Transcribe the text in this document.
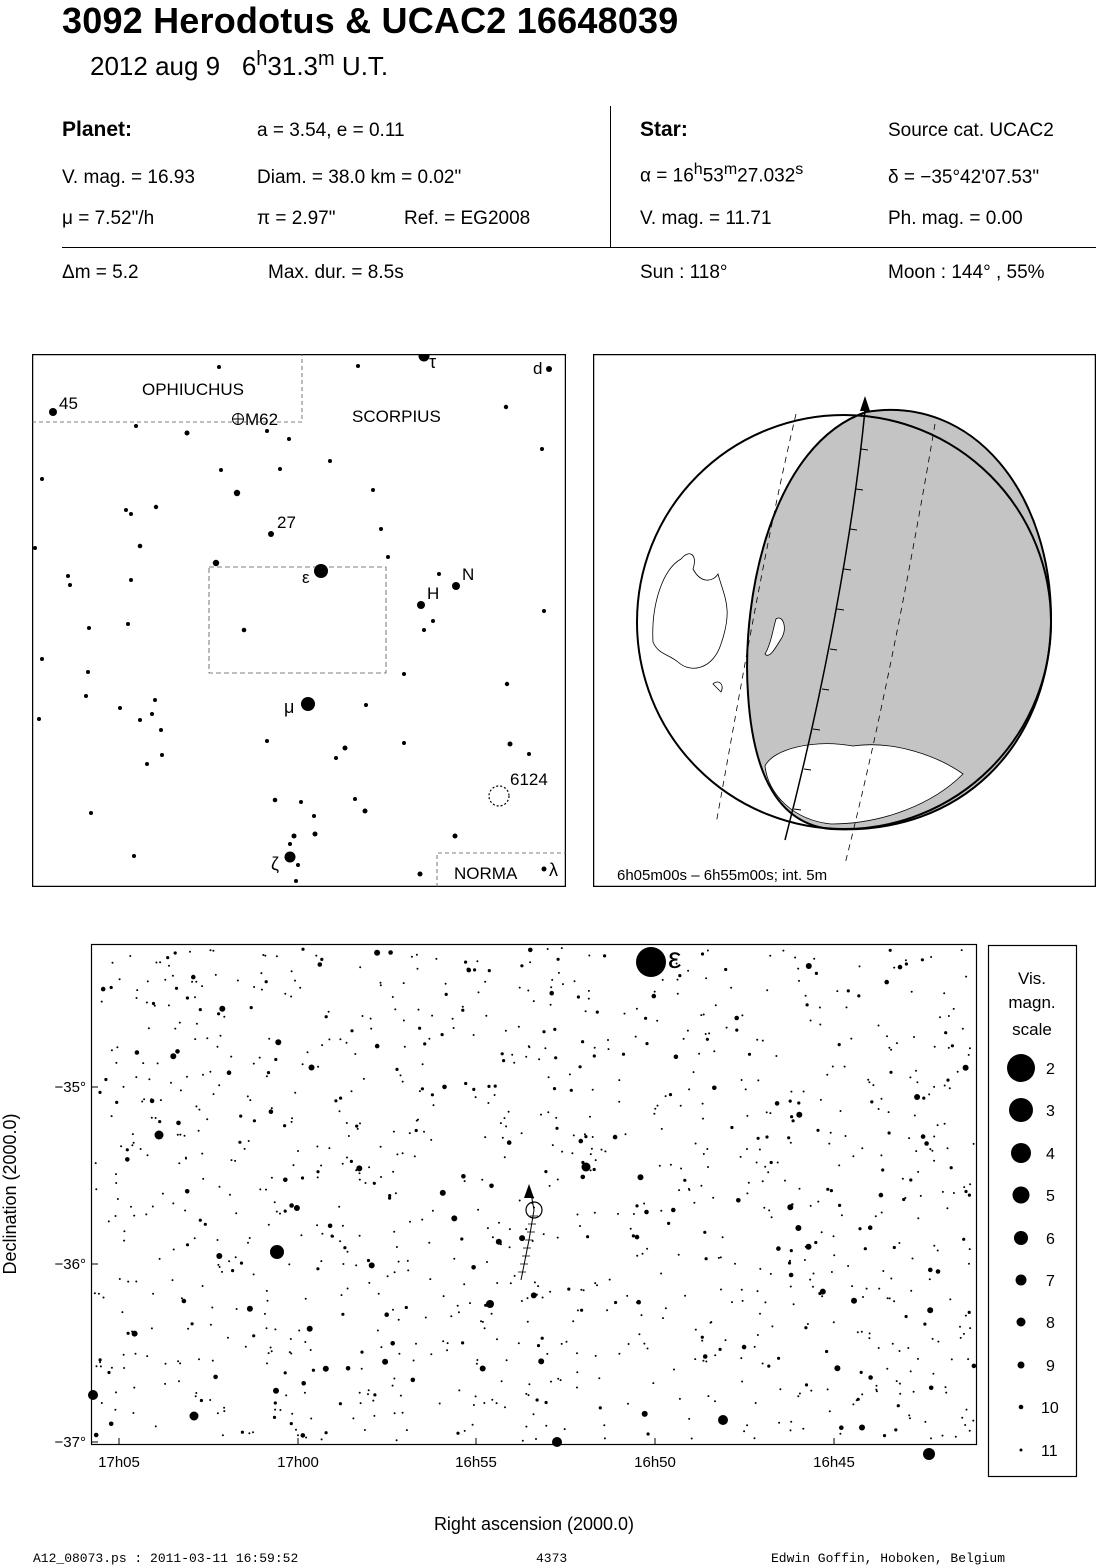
3092 Herodotus & UCAC2 16648039
2012 aug 9 6$^h$31.3$^m$ U.T.
Planet:	a = 3.54, e = 0.11
V. mag. = 16.93	Diam. = 38.0 km = 0.02"
μ = 7.52"/h	π = 2.97"	Ref. = EG2008
Star:	Source cat. UCAC2
$\alpha = 16^h53^m27.032^s$	δ = −35°42'07.53"
V. mag. = 11.71	Ph. mag. = 0.00
Δm = 5.2	Max. dur. = 8.5s	Sun : 118°	Moon : 144° , 55%
OPHIUCHUS
SCORPIUS
NORMA
τ	d
45
M62
27
ε
H
N
μ
6124
ζ	λ	6h05m00s – 6h55m00s; int. 5m
ε
−35°
−36°
−37°
17h05	17h00	16h55	16h50	16h45
Right ascension (2000.0)
Declination (2000.0)
Vis.
magn.
scale
2
3
4
5
6
7
8
9
10
11
A12_08073.ps : 2011-03-11 16:59:52	4373	Edwin Goffin, Hoboken, Belgium
